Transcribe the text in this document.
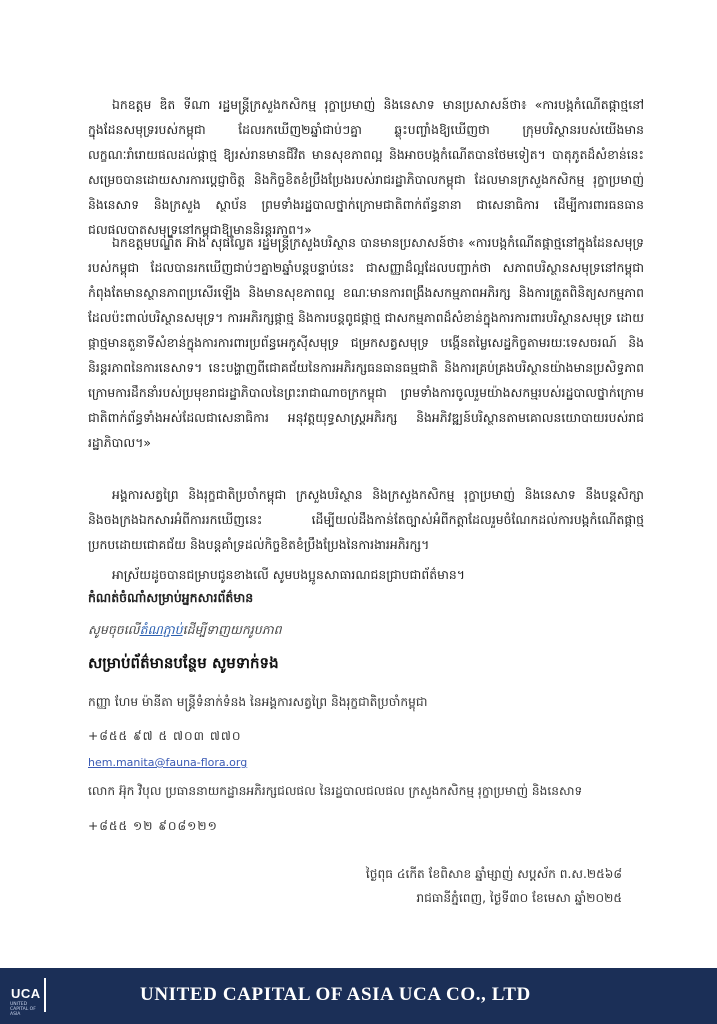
ឯកឧត្តម ឌិត ទីណា រដ្ឋមន្ត្រីក្រសួងកសិកម្ម រុក្ខាប្រមាញ់ និងនេសាទ មានប្រសាសន៍ថា៖ «ការបង្កកំណើតផ្កាថ្មនៅក្នុងដែនសមុទ្ររបស់កម្ពុជា ដែលរកឃើញ២ឆ្នាំជាប់ៗគ្នា ឆ្លុះបញ្ចាំងឱ្យឃើញថា ក្រុមបរិស្ថានរបស់យើងមានលក្ខណៈរាំរោយផលដល់ផ្កាថ្ម ឱ្យរស់រានមានជីវិត មានសុខភាពល្អ និងអាចបង្កកំណើតបានថែមទៀត។ បាតុភូតដ៏សំខាន់នេះ សម្រេចបានដោយសារការប្តេជ្ញាចិត្ត និងកិច្ចខិតខំប្រឹងប្រែងរបស់រាជរដ្ឋាភិបាលកម្ពុជា ដែលមានក្រសួងកសិកម្ម រុក្ខាប្រមាញ់ និងនេសាទ និងក្រសួង ស្ថាប័ន ព្រមទាំងរដ្ឋបាលថ្នាក់ក្រោមជាតិពាក់ព័ន្ធនានា ជាសេនាធិការ ដើម្បីការពារធនធានជលផលបាតសមុទ្រនៅកម្ពុជាឱ្យមាននិរន្តរភាព។»
ឯកឧត្តមបណ្ឌិត អ៊ាង សុផល្លែត រដ្ឋមន្ត្រីក្រសួងបរិស្ថាន បានមានប្រសាសន៍ថា៖ «ការបង្កកំណើតផ្កាថ្មនៅក្នុងដែនសមុទ្ររបស់កម្ពុជា ដែលបានរកឃើញជាប់ៗគ្នា២ឆ្នាំបន្តបន្ទាប់នេះ ជាសញ្ញាដ៏ល្អដែលបញ្ជាក់ថា សភាពបរិស្ថានសមុទ្រនៅកម្ពុជា កំពុងតែមានស្ថានភាពប្រសើរឡើង និងមានសុខភាពល្អ ខណៈមានការពង្រឹងសកម្មភាពអភិរក្ស និងការត្រួតពិនិត្យសកម្មភាពដែលប៉ះពាល់បរិស្ថានសមុទ្រ។ ការអភិរក្សផ្កាថ្ម និងការបន្តពូជផ្កាថ្ម ជាសកម្មភាពដ៏សំខាន់ក្នុងការការពារបរិស្ថានសមុទ្រ ដោយផ្កាថ្មមានតួនាទីសំខាន់ក្នុងការការពារប្រព័ន្ធអេកូស៊ីសមុទ្រ ជម្រកសត្វសមុទ្រ បង្កើនតម្លៃសេដ្ឋកិច្ចតាមរយៈទេសចរណ៍ និងនិរន្តរភាពនៃការនេសាទ។ នេះបង្ហាញពីជោគជ័យនៃការអភិរក្សធនធានធម្មជាតិ និងការគ្រប់គ្រងបរិស្ថានយ៉ាងមានប្រសិទ្ធភាព ក្រោមការដឹកនាំរបស់ប្រមុខរាជរដ្ឋាភិបាលនៃព្រះរាជាណាចក្រកម្ពុជា ព្រមទាំងការចូលរួមយ៉ាងសកម្មរបស់រដ្ឋបាលថ្នាក់ក្រោមជាតិពាក់ព័ន្ធទាំងអស់ដែលជាសេនាធិការ អនុវត្តយុទ្ធសាស្ត្រអភិរក្ស និងអភិវឌ្ឍន៍បរិស្ថានតាមគោលនយោបាយរបស់រាជរដ្ឋាភិបាល។»
អង្គការសត្វព្រៃ និងរុក្ខជាតិប្រចាំកម្ពុជា ក្រសួងបរិស្ថាន និងក្រសួងកសិកម្ម រុក្ខាប្រមាញ់ និងនេសាទ នឹងបន្តសិក្សា និងចងក្រងឯកសារអំពីការរកឃើញនេះ ដើម្បីយល់ដឹងកាន់តែច្បាស់អំពីកត្តាដែលរួមចំណែកដល់ការបង្កកំណើតផ្កាថ្មប្រកបដោយជោគជ័យ និងបន្តគាំទ្រដល់កិច្ចខិតខំប្រឹងប្រែងនៃការងារអភិរក្ស។
អាស្រ័យដូចបានជម្រាបជូនខាងលើ សូមបងប្អូនសាធារណជនជ្រាបជាព័ត៌មាន។
កំណត់ចំណាំសម្រាប់អ្នកសារព័ត៌មាន
សូមចុចលើតំណភ្ជាប់ដើម្បីទាញយករូបភាព
សម្រាប់ព័ត៌មានបន្ថែម សូមទាក់ទង
កញ្ញា ហែម ម៉ានីតា មន្ត្រីទំនាក់ទំនង នៃអង្គការសត្វព្រៃ និងរុក្ខជាតិប្រចាំកម្ពុជា
+៨៥៥ ៩៧ ៥ ៧០៣ ៧៧០
hem.manita@fauna-flora.org
លោក អ៊ុក វិបុល ប្រធាននាយកដ្ឋានអភិរក្សជលផល នៃរដ្ឋបាលជលផល ក្រសួងកសិកម្ម រុក្ខាប្រមាញ់ និងនេសាទ
+៨៥៥ ១២ ៩០៨១២១
ថ្ងៃពុធ ៤កើត ខែពិសាខ ឆ្នាំម្សាញ់ សប្តស័ក ព.ស.២៥៦៨
រាជធានីភ្នំពេញ, ថ្ងៃទី៣០ ខែមេសា ឆ្នាំ២០២៥
UCA
UNITED CAPITAL OF ASIA
UNITED CAPITAL OF ASIA UCA CO., LTD
